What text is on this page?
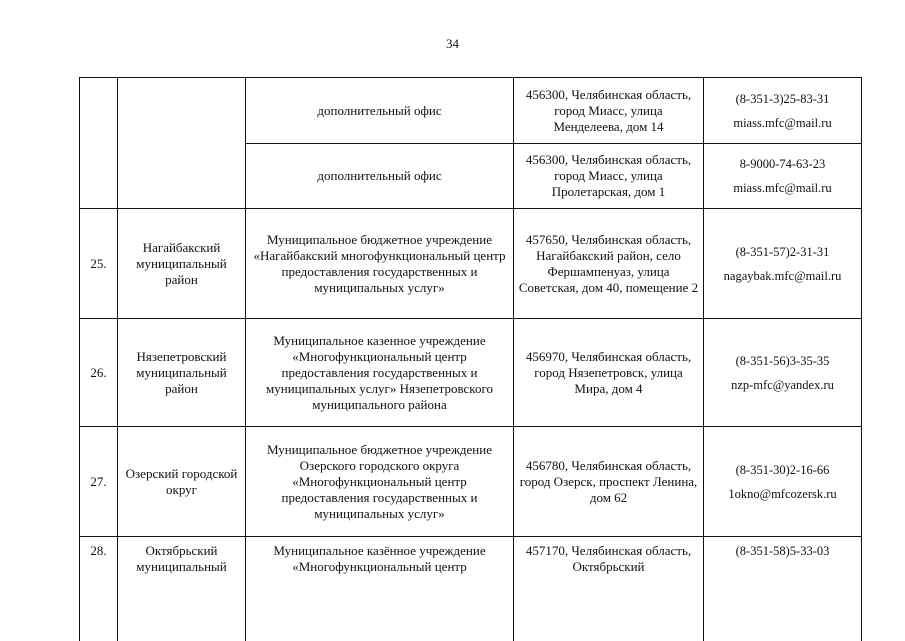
34
		дополнительный офис	456300, Челябинская область, город Миасс, улица Менделеева, дом 14	(8-351-3)25-83-31
miass.mfc@mail.ru

		дополнительный офис	456300, Челябинская область, город Миасс, улица Пролетарская, дом 1	8-9000-74-63-23
miass.mfc@mail.ru

25.	Нагайбакский муниципальный район	Муниципальное бюджетное учреждение «Нагайбакский многофункциональный центр предоставления государственных и муниципальных услуг»	457650, Челябинская область, Нагайбакский район, село Фершампенуаз, улица Советская, дом 40, помещение 2	(8-351-57)2-31-31
nagaybak.mfc@mail.ru

26.	Нязепетровский муниципальный район	Муниципальное казенное учреждение «Многофункциональный центр предоставления государственных и муниципальных услуг» Нязепетровского муниципального района	456970, Челябинская область, город Нязепетровск, улица Мира, дом 4	(8-351-56)3-35-35
nzp-mfc@yandex.ru

27.	Озерский городской округ	Муниципальное бюджетное учреждение Озерского городского округа «Многофункциональный центр предоставления государственных и муниципальных услуг»	456780, Челябинская область, город Озерск, проспект Ленина, дом 62	(8-351-30)2-16-66
1okno@mfcozersk.ru

28.	Октябрьский муниципальный	Муниципальное казённое учреждение «Многофункциональный центр	457170, Челябинская область, Октябрьский	(8-351-58)5-33-03
